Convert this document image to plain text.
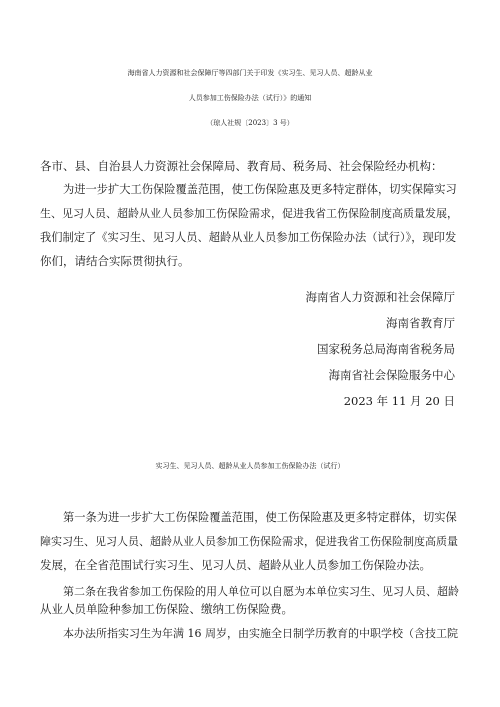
海南省人力资源和社会保障厅等四部门关于印发《实习生、见习人员、超龄从业
人员参加工伤保险办法（试行）》的通知
（琼人社规〔2023〕3 号）
各市、县、自治县人力资源社会保障局、教育局、税务局、社会保险经办机构：
为进一步扩大工伤保险覆盖范围，使工伤保险惠及更多特定群体，切实保障实习
生、见习人员、超龄从业人员参加工伤保险需求，促进我省工伤保险制度高质量发展，
我们制定了《实习生、见习人员、超龄从业人员参加工伤保险办法（试行）》，现印发
你们，请结合实际贯彻执行。
海南省人力资源和社会保障厅
海南省教育厅
国家税务总局海南省税务局
海南省社会保险服务中心
2023 年 11 月 20 日
实习生、见习人员、超龄从业人员参加工伤保险办法（试行）
第一条为进一步扩大工伤保险覆盖范围，使工伤保险惠及更多特定群体，切实保
障实习生、见习人员、超龄从业人员参加工伤保险需求，促进我省工伤保险制度高质量
发展，在全省范围试行实习生、见习人员、超龄从业人员参加工伤保险办法。
第二条在我省参加工伤保险的用人单位可以自愿为本单位实习生、见习人员、超龄
从业人员单险种参加工伤保险、缴纳工伤保险费。
本办法所指实习生为年满 16 周岁，由实施全日制学历教育的中职学校（含技工院
